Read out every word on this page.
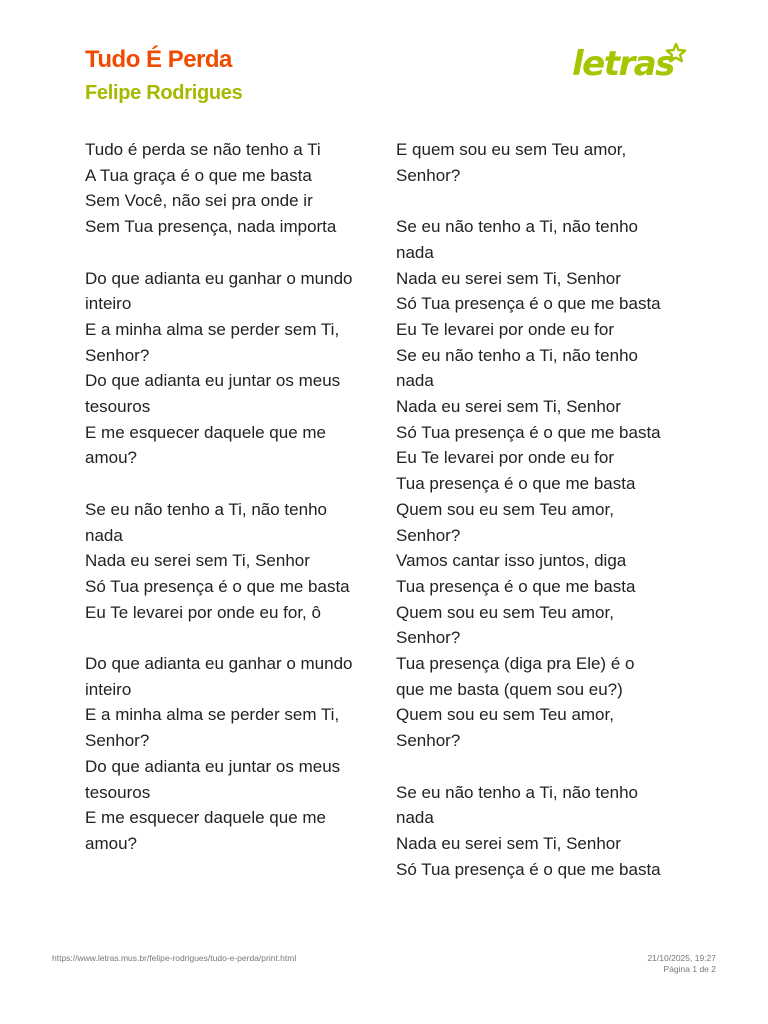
Tudo É Perda
Felipe Rodrigues
letras
Tudo é perda se não tenho a Ti
A Tua graça é o que me basta
Sem Você, não sei pra onde ir
Sem Tua presença, nada importa
Do que adianta eu ganhar o mundo
inteiro
E a minha alma se perder sem Ti,
Senhor?
Do que adianta eu juntar os meus
tesouros
E me esquecer daquele que me
amou?
Se eu não tenho a Ti, não tenho
nada
Nada eu serei sem Ti, Senhor
Só Tua presença é o que me basta
Eu Te levarei por onde eu for, ô
Do que adianta eu ganhar o mundo
inteiro
E a minha alma se perder sem Ti,
Senhor?
Do que adianta eu juntar os meus
tesouros
E me esquecer daquele que me
amou?
E quem sou eu sem Teu amor,
Senhor?
Se eu não tenho a Ti, não tenho
nada
Nada eu serei sem Ti, Senhor
Só Tua presença é o que me basta
Eu Te levarei por onde eu for
Se eu não tenho a Ti, não tenho
nada
Nada eu serei sem Ti, Senhor
Só Tua presença é o que me basta
Eu Te levarei por onde eu for
Tua presença é o que me basta
Quem sou eu sem Teu amor,
Senhor?
Vamos cantar isso juntos, diga
Tua presença é o que me basta
Quem sou eu sem Teu amor,
Senhor?
Tua presença (diga pra Ele) é o
que me basta (quem sou eu?)
Quem sou eu sem Teu amor,
Senhor?
Se eu não tenho a Ti, não tenho
nada
Nada eu serei sem Ti, Senhor
Só Tua presença é o que me basta
https://www.letras.mus.br/felipe-rodrigues/tudo-e-perda/print.html	21/10/2025, 19:27
Página 1 de 2
